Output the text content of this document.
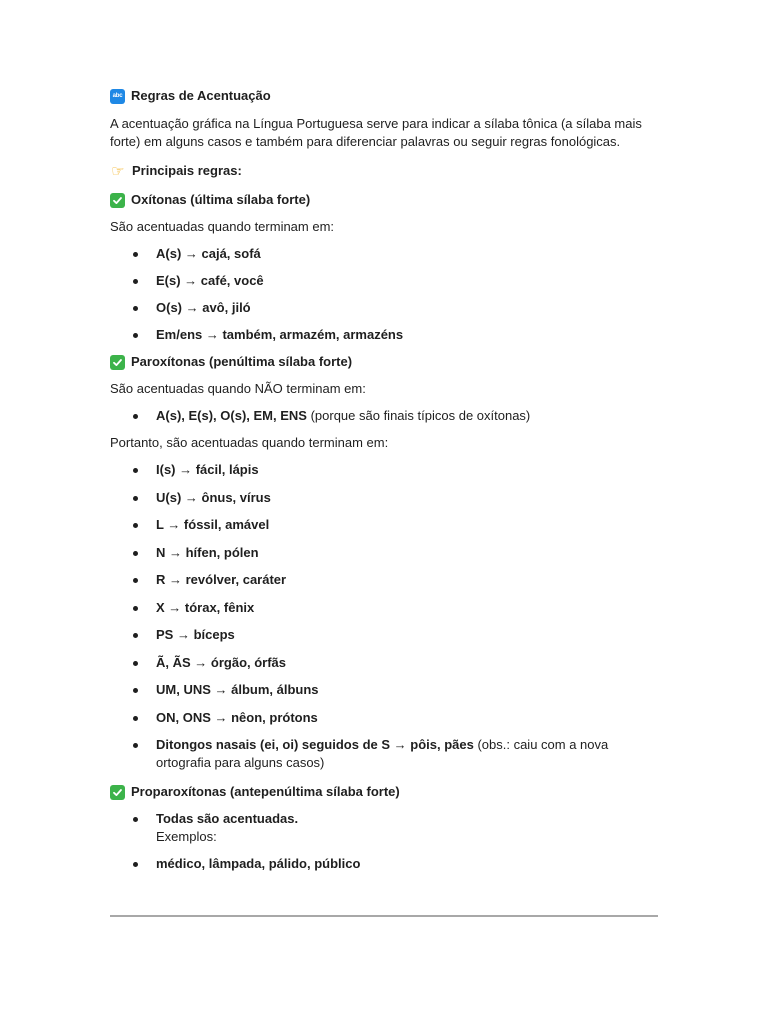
abc Regras de Acentuação

A acentuação gráfica na Língua Portuguesa serve para indicar a sílaba tônica (a sílaba mais forte) em alguns casos e também para diferenciar palavras ou seguir regras fonológicas.

☞ Principais regras:
Oxítonas (última sílaba forte)

São acentuadas quando terminam em:

A(s) → cajá, sofá
E(s) → café, você
O(s) → avô, jiló
Em/ens → também, armazém, armazéns
Paroxítonas (penúltima sílaba forte)

São acentuadas quando NÃO terminam em:

A(s), E(s), O(s), EM, ENS (porque são finais típicos de oxítonas)

Portanto, são acentuadas quando terminam em:

I(s) → fácil, lápis
U(s) → ônus, vírus
L → fóssil, amável
N → hífen, pólen
R → revólver, caráter
X → tórax, fênix
PS → bíceps
Ã, ÃS → órgão, órfãs
UM, UNS → álbum, álbuns
ON, ONS → nêon, prótons
Ditongos nasais (ei, oi) seguidos de S → pôis, pães (obs.: caiu com a nova ortografia para alguns casos)
Proparoxítonas (antepenúltima sílaba forte)
Todas são acentuadas.
Exemplos:
médico, lâmpada, pálido, público
